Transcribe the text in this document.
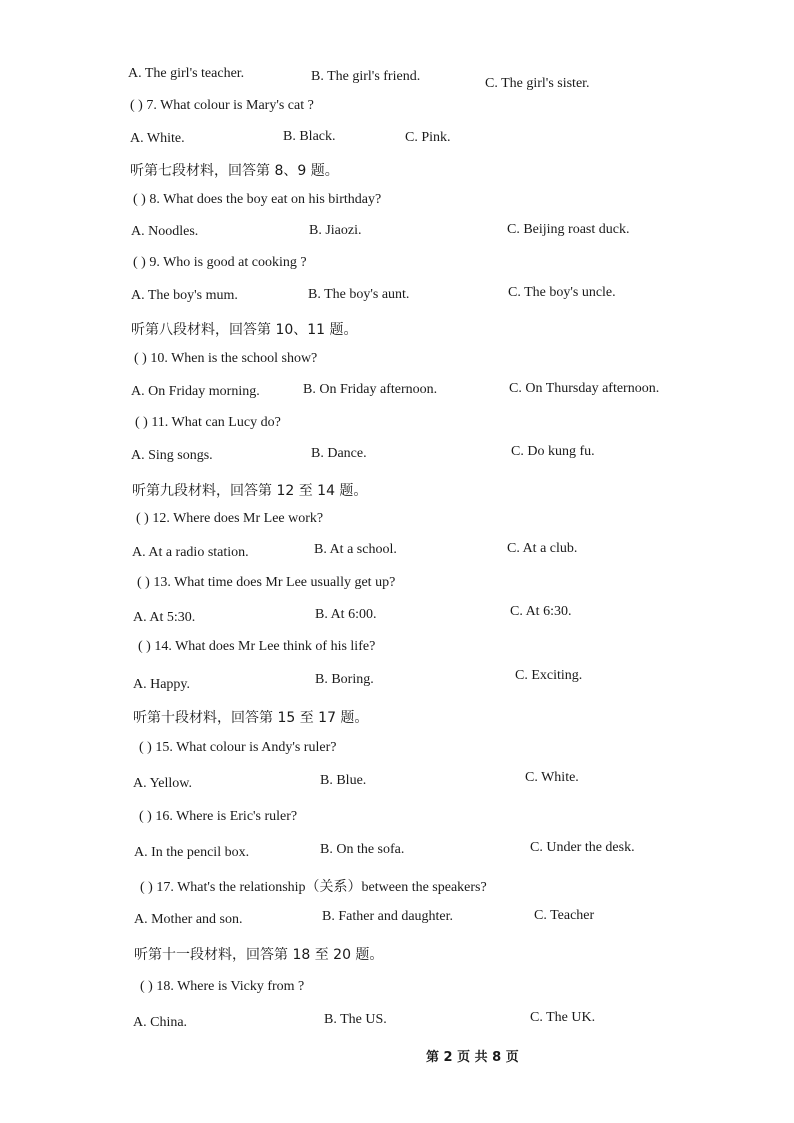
A. The girl's teacher.	B. The girl's friend.	C. The girl's sister.
( ) 7. What colour is Mary's cat ?
A. White.	B. Black.	C. Pink.
听第七段材料，回答第 8、9 题。
( ) 8. What does the boy eat on his birthday?
A. Noodles.	B. Jiaozi.	C. Beijing roast duck.
( ) 9. Who is good at cooking ?
A. The boy's mum.	B. The boy's aunt.	C. The boy's uncle.
听第八段材料，回答第 10、11 题。
( ) 10. When is the school show?
A. On Friday morning.	B. On Friday afternoon.	C. On Thursday afternoon.
( ) 11. What can Lucy do?
A. Sing songs.	B. Dance.	C. Do kung fu.
听第九段材料，回答第 12 至 14 题。
( ) 12. Where does Mr Lee work?
A. At a radio station.	B. At a school.	C. At a club.
( ) 13. What time does Mr Lee usually get up?
A. At 5:30.	B. At 6:00.	C. At 6:30.
( ) 14. What does Mr Lee think of his life?
A. Happy.	B. Boring.	C. Exciting.
听第十段材料，回答第 15 至 17 题。
( ) 15. What colour is Andy's ruler?
A. Yellow.	B. Blue.	C. White.
( ) 16. Where is Eric's ruler?
A. In the pencil box.	B. On the sofa.	C. Under the desk.
( ) 17. What's the relationship（关系）between the speakers?
A. Mother and son.	B. Father and daughter.	C. Teacher
听第十一段材料，回答第 18 至 20 题。
( ) 18. Where is Vicky from ?
A. China.	B. The US.	C. The UK.
第 2 页 共 8 页
